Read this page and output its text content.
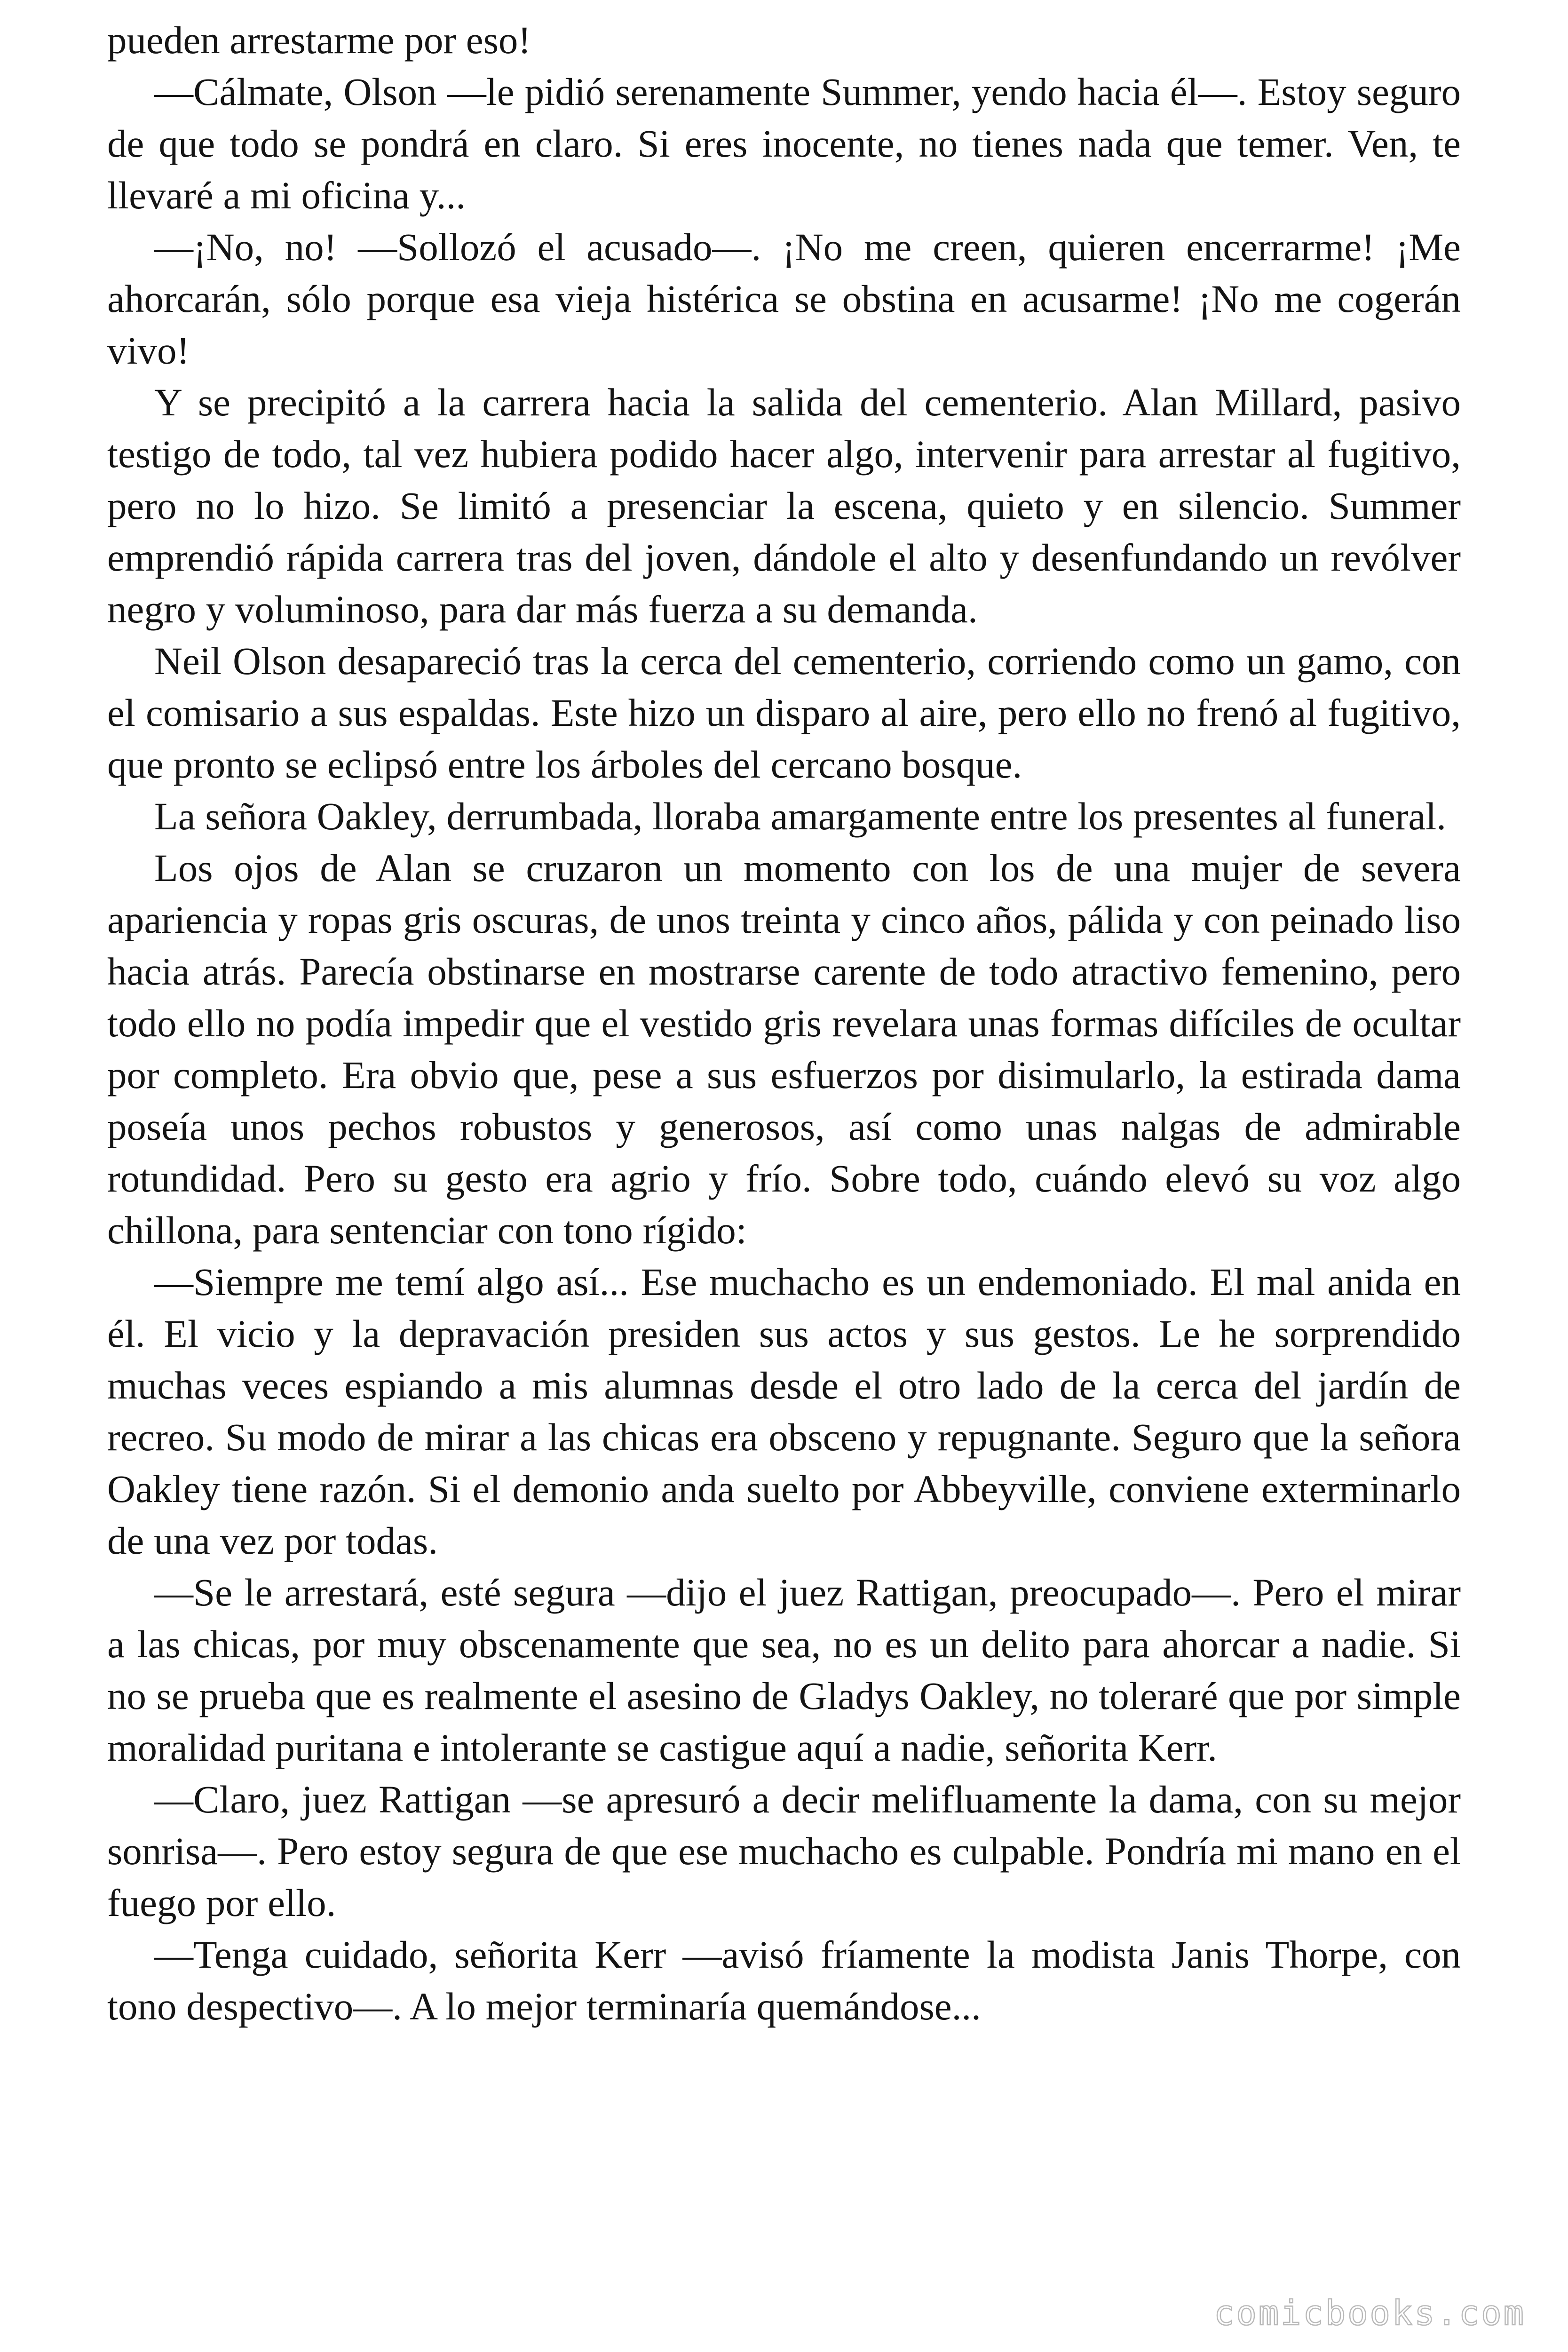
pueden arrestarme por eso!

—Cálmate, Olson —le pidió serenamente Summer, yendo hacia él—. Estoy seguro de que todo se pondrá en claro. Si eres inocente, no tienes nada que temer. Ven, te llevaré a mi oficina y...

—¡No, no! —Sollozó el acusado—. ¡No me creen, quieren encerrarme! ¡Me ahorcarán, sólo porque esa vieja histérica se obstina en acusarme! ¡No me cogerán vivo!

Y se precipitó a la carrera hacia la salida del cementerio. Alan Millard, pasivo testigo de todo, tal vez hubiera podido hacer algo, intervenir para arrestar al fugitivo, pero no lo hizo. Se limitó a presenciar la escena, quieto y en silencio. Summer emprendió rápida carrera tras del joven, dándole el alto y desenfundando un revólver negro y voluminoso, para dar más fuerza a su demanda.

Neil Olson desapareció tras la cerca del cementerio, corriendo como un gamo, con el comisario a sus espaldas. Este hizo un disparo al aire, pero ello no frenó al fugitivo, que pronto se eclipsó entre los árboles del cercano bosque.

La señora Oakley, derrumbada, lloraba amargamente entre los presentes al funeral.

Los ojos de Alan se cruzaron un momento con los de una mujer de severa apariencia y ropas gris oscuras, de unos treinta y cinco años, pálida y con peinado liso hacia atrás. Parecía obstinarse en mostrarse carente de todo atractivo femenino, pero todo ello no podía impedir que el vestido gris revelara unas formas difíciles de ocultar por completo. Era obvio que, pese a sus esfuerzos por disimularlo, la estirada dama poseía unos pechos robustos y generosos, así como unas nalgas de admirable rotundidad. Pero su gesto era agrio y frío. Sobre todo, cuándo elevó su voz algo chillona, para sentenciar con tono rígido:

—Siempre me temí algo así... Ese muchacho es un endemoniado. El mal anida en él. El vicio y la depravación presiden sus actos y sus gestos. Le he sorprendido muchas veces espiando a mis alumnas desde el otro lado de la cerca del jardín de recreo. Su modo de mirar a las chicas era obsceno y repugnante. Seguro que la señora Oakley tiene razón. Si el demonio anda suelto por Abbeyville, conviene exterminarlo de una vez por todas.

—Se le arrestará, esté segura —dijo el juez Rattigan, preocupado—. Pero el mirar a las chicas, por muy obscenamente que sea, no es un delito para ahorcar a nadie. Si no se prueba que es realmente el asesino de Gladys Oakley, no toleraré que por simple moralidad puritana e intolerante se castigue aquí a nadie, señorita Kerr.

—Claro, juez Rattigan —se apresuró a decir melifluamente la dama, con su mejor sonrisa—. Pero estoy segura de que ese muchacho es culpable. Pondría mi mano en el fuego por ello.

—Tenga cuidado, señorita Kerr —avisó fríamente la modista Janis Thorpe, con tono despectivo—. A lo mejor terminaría quemándose...

comicbooks.com
